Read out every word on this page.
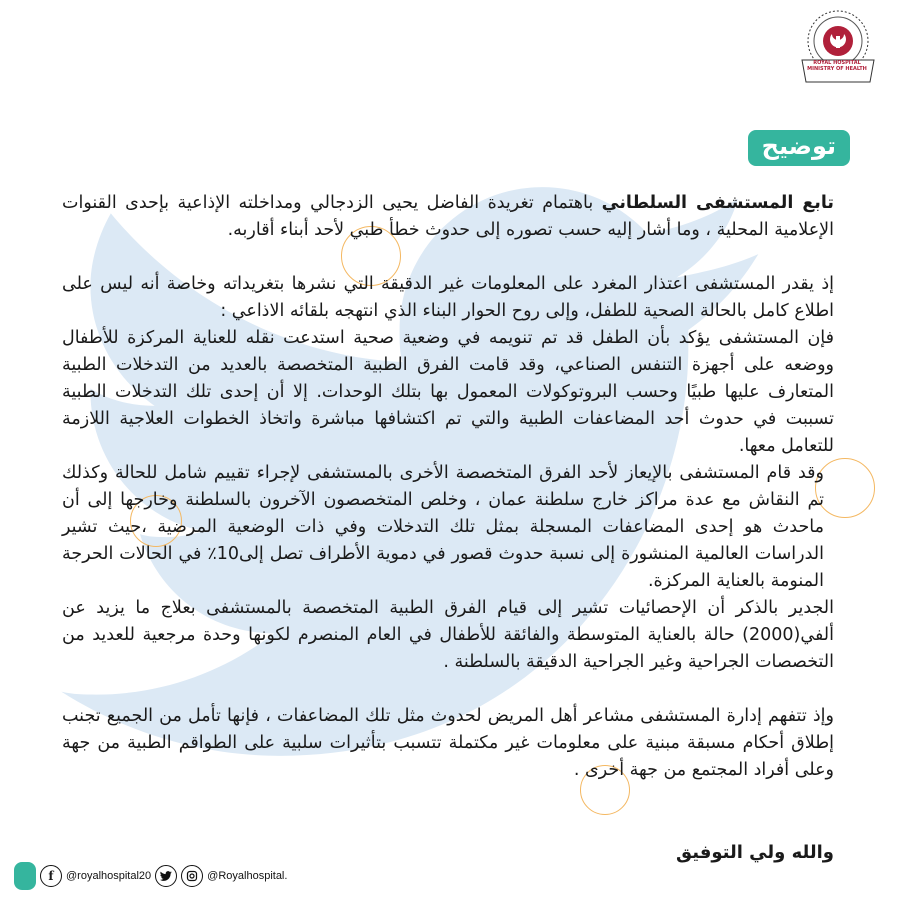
ROYAL HOSPITAL
MINISTRY OF HEALTH
توضيح

تابع المستشفى السلطاني باهتمام تغريدة الفاضل يحيى الزدجالي ومداخلته الإذاعية بإحدى القنوات الإعلامية المحلية ، وما أشار إليه حسب تصوره إلى حدوث خطأ طبي لأحد أبناء أقاربه.

إذ يقدر المستشفى اعتذار المغرد على المعلومات غير الدقيقة التي نشرها بتغريداته وخاصة أنه ليس على اطلاع كامل بالحالة الصحية للطفل، وإلى روح الحوار البناء الذي انتهجه بلقائه الاذاعي :

فإن المستشفى يؤكد بأن الطفل قد تم تنويمه في وضعية صحية استدعت نقله للعناية المركزة للأطفال ووضعه على أجهزة التنفس الصناعي، وقد قامت الفرق الطبية المتخصصة بالعديد من التدخلات الطبية المتعارف عليها طبيًا وحسب البروتوكولات المعمول بها بتلك الوحدات. إلا أن إحدى تلك التدخلات الطبية تسببت في حدوث أحد المضاعفات الطبية والتي تم اكتشافها مباشرة واتخاذ الخطوات العلاجية اللازمة للتعامل معها.

وقد قام المستشفى بالإيعاز لأحد الفرق المتخصصة الأخرى بالمستشفى لإجراء تقييم شامل للحالة وكذلك تم النقاش مع عدة مراكز خارج سلطنة عمان ، وخلص المتخصصون الآخرون بالسلطنة وخارجها إلى أن ماحدث هو إحدى المضاعفات المسجلة بمثل تلك التدخلات وفي ذات الوضعية المرضية ،حيث تشير الدراسات العالمية المنشورة إلى نسبة حدوث قصور في دموية الأطراف تصل إلى10٪ في الحالات الحرجة المنومة بالعناية المركزة.

الجدير بالذكر أن الإحصائيات تشير إلى قيام الفرق الطبية المتخصصة بالمستشفى بعلاج ما يزيد عن ألفي(2000) حالة بالعناية المتوسطة والفائقة للأطفال في العام المنصرم لكونها وحدة مرجعية للعديد من التخصصات الجراحية وغير الجراحية الدقيقة بالسلطنة .

وإذ تتفهم إدارة المستشفى مشاعر أهل المريض لحدوث مثل تلك المضاعفات ، فإنها تأمل من الجميع تجنب إطلاق أحكام مسبقة مبنية على معلومات غير مكتملة تتسبب بتأثيرات سلبية على الطواقم الطبية من جهة وعلى أفراد المجتمع من جهة أخرى .

والله ولي التوفيق
f	@royalhospital20	@Royalhospital.
